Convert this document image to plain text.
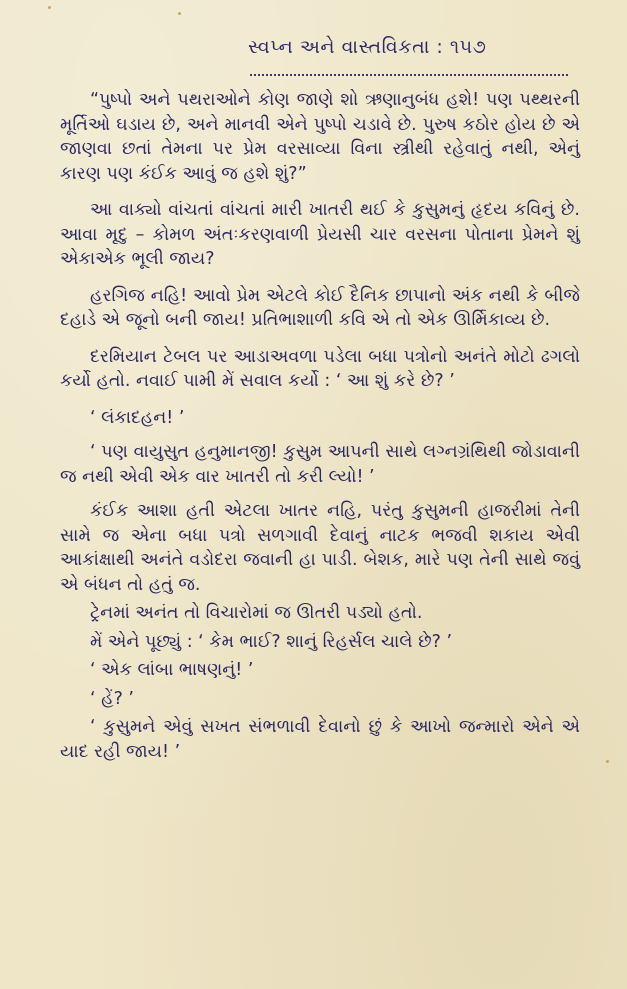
સ્વપ્ન અને વાસ્તવિકતા : ૧૫૭

“પુષ્પો અને પથરાઓને કોણ જાણે શો ઋણાનુબંધ હશે! પણ પથ્થરની મૂર્તિઓ ઘડાય છે, અને માનવી એને પુષ્પો ચડાવે છે. પુરુષ કઠોર હોય છે એ જાણવા છતાં તેમના પર પ્રેમ વરસાવ્યા વિના સ્ત્રીથી રહેવાતું નથી, એનું કારણ પણ કંઈક આવું જ હશે શું?”

આ વાક્યો વાંચતાં વાંચતાં મારી ખાતરી થઈ કે કુસુમનું હૃદય કવિનું છે. આવા મૃદુ – કોમળ અંતઃકરણવાળી પ્રેયસી ચાર વરસના પોતાના પ્રેમને શું એકાએક ભૂલી જાય?

હરગિજ નહિ! આવો પ્રેમ એટલે કોઈ દૈનિક છાપાનો અંક નથી કે બીજે દહાડે એ જૂનો બની જાય! પ્રતિભાશાળી કવિ એ તો એક ઊર્મિકાવ્ય છે.

દરમિયાન ટેબલ પર આડાઅવળા પડેલા બધા પત્રોનો અનંતે મોટો ઢગલો કર્યો હતો. નવાઈ પામી મેં સવાલ કર્યો : ‘ આ શું કરે છે? ’

‘ લંકાદહન! ’

‘ પણ વાયુસુત હનુમાનજી! કુસુમ આપની સાથે લગ્નગ્રંથિથી જોડાવાની જ નથી એવી એક વાર ખાતરી તો કરી લ્યો! ’

કંઈક આશા હતી એટલા ખાતર નહિ, પરંતુ કુસુમની હાજરીમાં તેની સામે જ એના બધા પત્રો સળગાવી દેવાનું નાટક ભજવી શકાય એવી આકાંક્ષાથી અનંતે વડોદરા જવાની હા પાડી. બેશક, મારે પણ તેની સાથે જવું એ બંધન તો હતું જ.

ટ્રેનમાં અનંત તો વિચારોમાં જ ઊતરી પડ્યો હતો.

મેં એને પૂછ્યું : ‘ કેમ ભાઈ? શાનું રિહર્સલ ચાલે છે? ’

‘ એક લાંબા ભાષણનું! ’

‘ હેં? ’

‘ કુસુમને એવું સખત સંભળાવી દેવાનો છું કે આખો જન્મારો એને એ યાદ રહી જાય! ’
